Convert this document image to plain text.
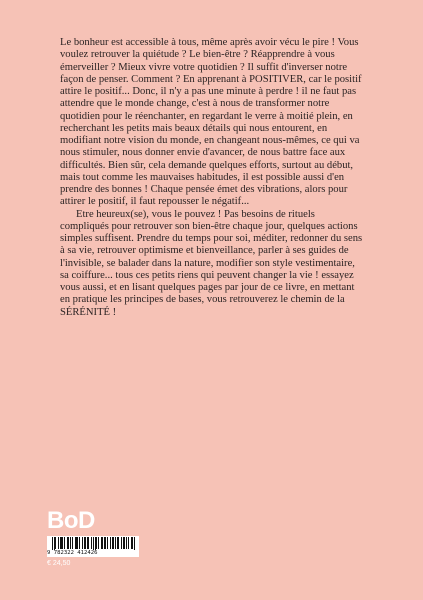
Le bonheur est accessible à tous, même après avoir vécu le pire ! Vous voulez retrouver la quiétude ? Le bien-être ? Réapprendre à vous émerveiller ? Mieux vivre votre quotidien ? Il suffit d'inverser notre façon de penser. Comment ? En apprenant à POSITIVER, car le positif attire le positif... Donc, il n'y a pas une minute à perdre ! il ne faut pas attendre que le monde change, c'est à nous de transformer notre quotidien pour le réenchanter, en regardant le verre à moitié plein, en recherchant les petits mais beaux détails qui nous entourent, en modifiant notre vision du monde, en changeant nous-mêmes, ce qui va nous stimuler, nous donner envie d'avancer, de nous battre face aux difficultés. Bien sûr, cela demande quelques efforts, surtout au début, mais tout comme les mauvaises habitudes, il est possible aussi d'en prendre des bonnes ! Chaque pensée émet des vibrations, alors pour attirer le positif, il faut repousser le négatif...

Etre heureux(se), vous le pouvez ! Pas besoins de rituels compliqués pour retrouver son bien-être chaque jour, quelques actions simples suffisent. Prendre du temps pour soi, méditer, redonner du sens à sa vie, retrouver optimisme et bienveillance, parler à ses guides de l'invisible, se balader dans la nature, modifier son style vestimentaire, sa coiffure... tous ces petits riens qui peuvent changer la vie ! essayez vous aussi, et en lisant quelques pages par jour de ce livre, en mettant en pratique les principes de bases, vous retrouverez le chemin de la SÉRÉNITÉ !

BoD
9 782322 412426
€ 24,50
